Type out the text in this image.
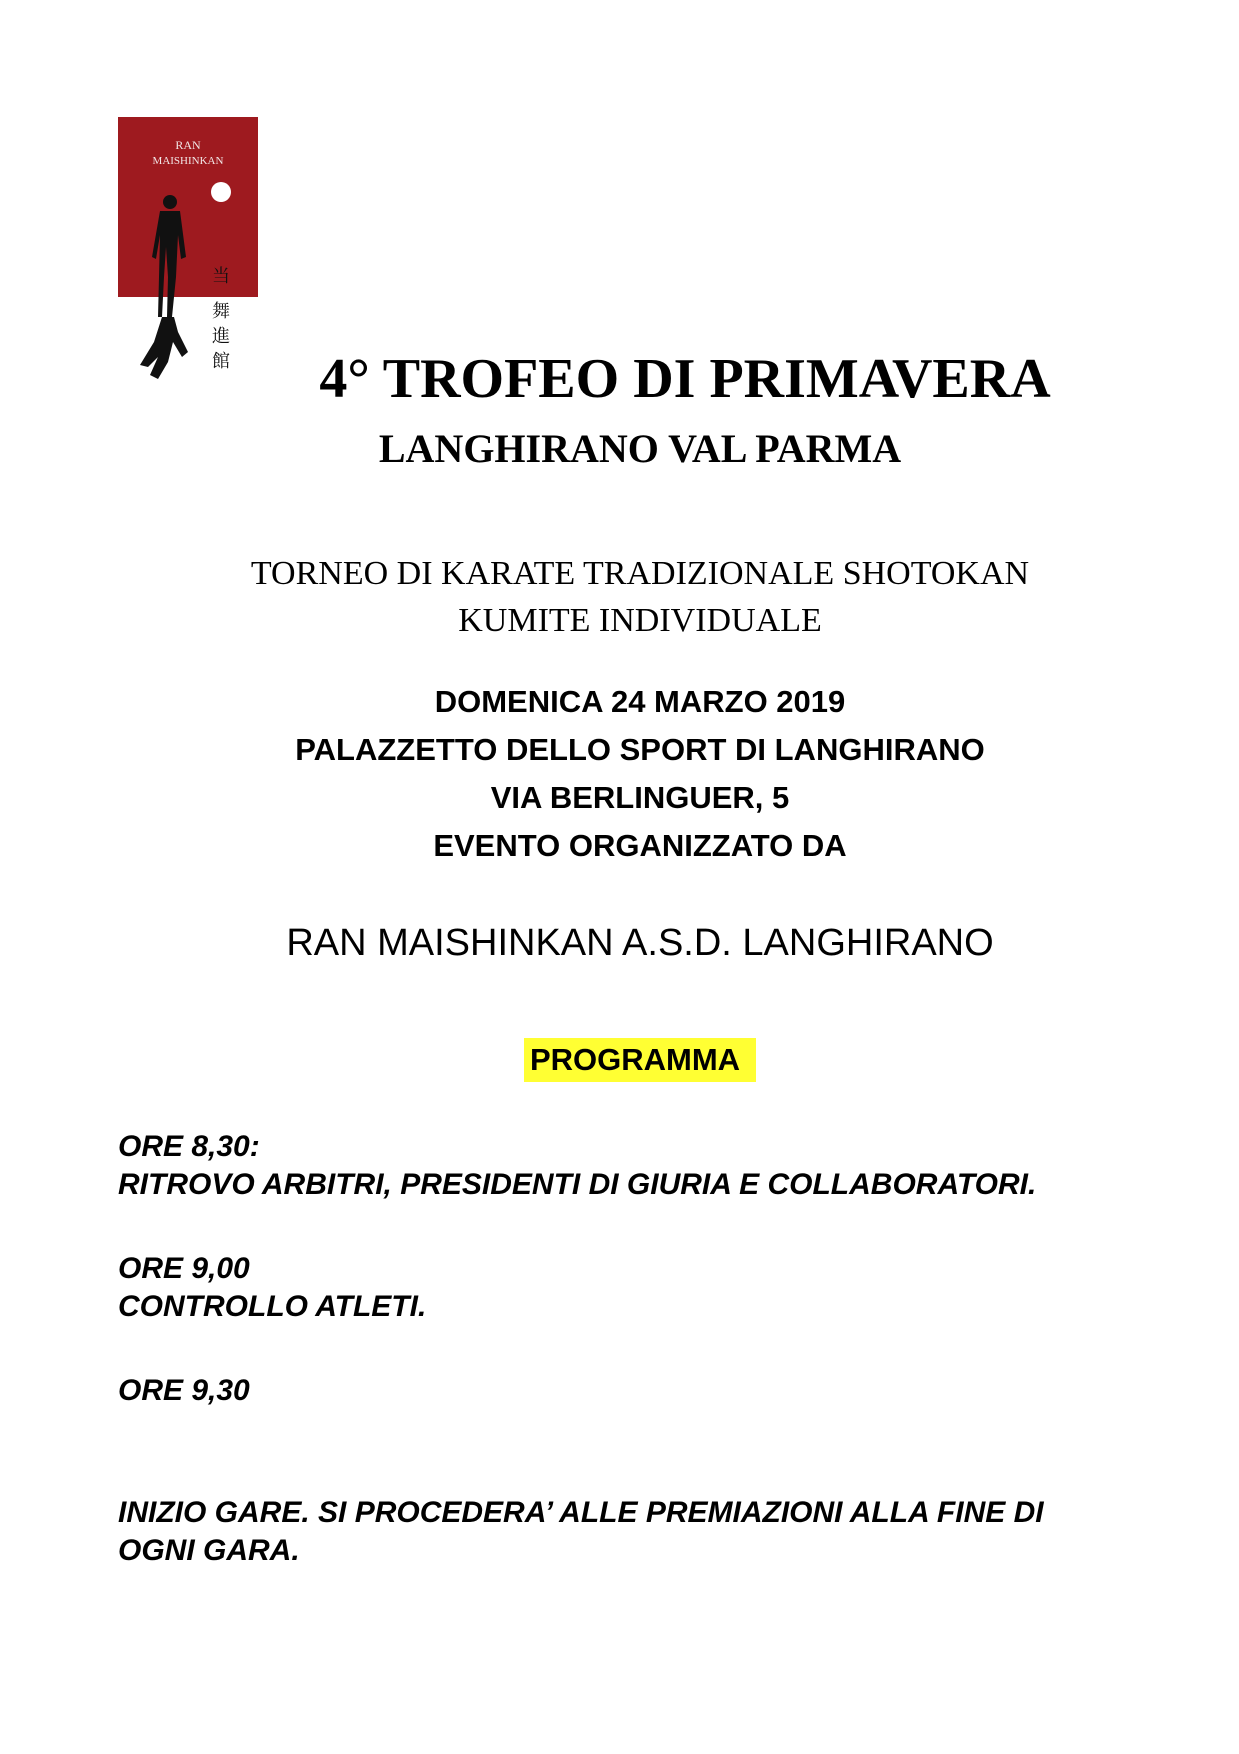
RAN
MAISHINKAN
当
舞
進
館	4° TROFEO DI PRIMAVERA
LANGHIRANO VAL PARMA
TORNEO DI KARATE TRADIZIONALE SHOTOKAN
KUMITE INDIVIDUALE
DOMENICA 24 MARZO 2019
PALAZZETTO DELLO SPORT DI LANGHIRANO
VIA BERLINGUER, 5
EVENTO ORGANIZZATO DA
RAN MAISHINKAN A.S.D. LANGHIRANO
PROGRAMMA
ORE 8,30:
RITROVO ARBITRI, PRESIDENTI DI GIURIA E COLLABORATORI.
ORE 9,00
CONTROLLO ATLETI.
ORE 9,30
INIZIO GARE. SI PROCEDERA’ ALLE PREMIAZIONI ALLA FINE DI
OGNI GARA.
